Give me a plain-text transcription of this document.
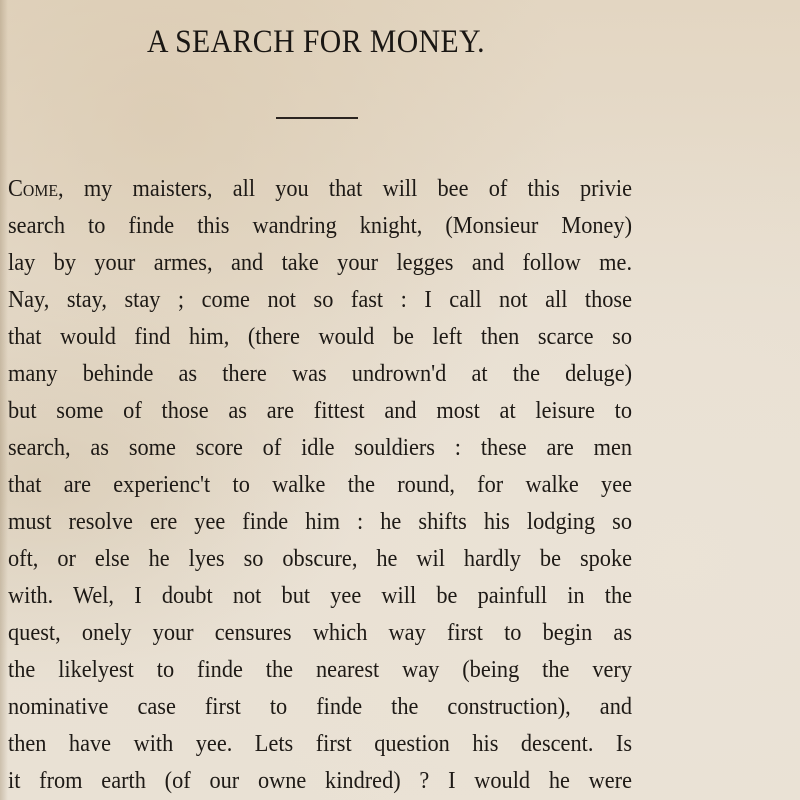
A SEARCH FOR MONEY.
Come, my maisters, all you that will bee of this privie
search to finde this wandring knight, (Monsieur Money)
lay by your armes, and take your legges and follow me.
Nay, stay, stay ; come not so fast : I call not all those
that would find him, (there would be left then scarce so
many behinde as there was undrown'd at the deluge)
but some of those as are fittest and most at leisure to
search, as some score of idle souldiers : these are men
that are experienc't to walke the round, for walke yee
must resolve ere yee finde him : he shifts his lodging so
oft, or else he lyes so obscure, he wil hardly be spoke
with. Wel, I doubt not but yee will be painfull in the
quest, onely your censures which way first to begin as
the likelyest to finde the nearest way (being the very
nominative case first to finde the construction), and
then have with yee. Lets first question his descent. Is
it from earth (of our owne kindred) ? I would he were
